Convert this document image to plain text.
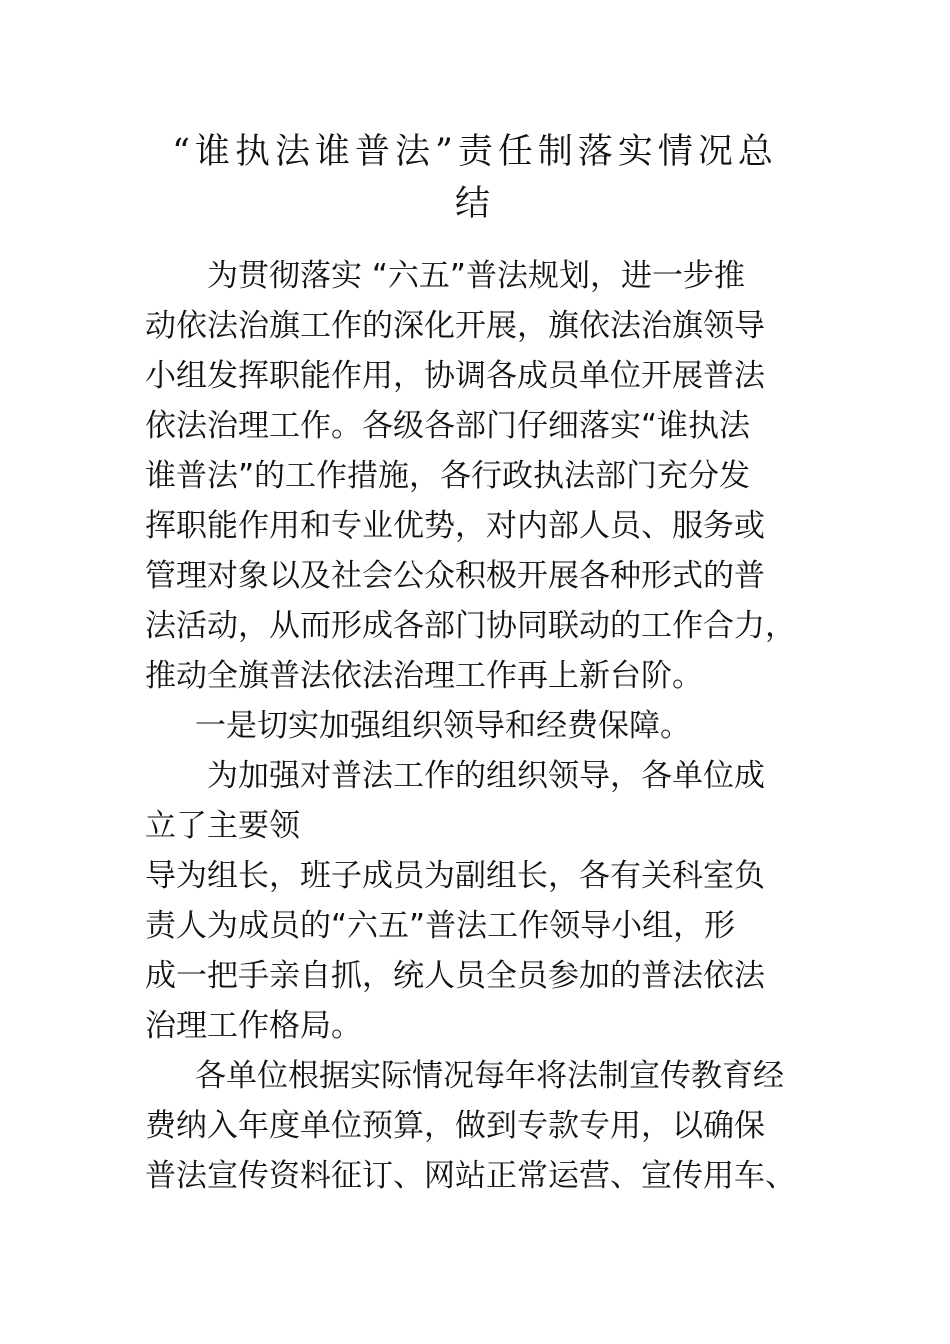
“谁执法谁普法”责任制落实情况总
结
为贯彻落实 “六五”普法规划，进一步推
动依法治旗工作的深化开展，旗依法治旗领导
小组发挥职能作用，协调各成员单位开展普法
依法治理工作。各级各部门仔细落实“谁执法
谁普法”的工作措施，各行政执法部门充分发
挥职能作用和专业优势，对内部人员、服务或
管理对象以及社会公众积极开展各种形式的普
法活动，从而形成各部门协同联动的工作合力，
推动全旗普法依法治理工作再上新台阶。
一是切实加强组织领导和经费保障。
为加强对普法工作的组织领导，各单位成
立了主要领
导为组长，班子成员为副组长，各有关科室负
责人为成员的“六五”普法工作领导小组，形
成一把手亲自抓，统人员全员参加的普法依法
治理工作格局。
各单位根据实际情况每年将法制宣传教育经
费纳入年度单位预算，做到专款专用，以确保
普法宣传资料征订、网站正常运营、宣传用车、
